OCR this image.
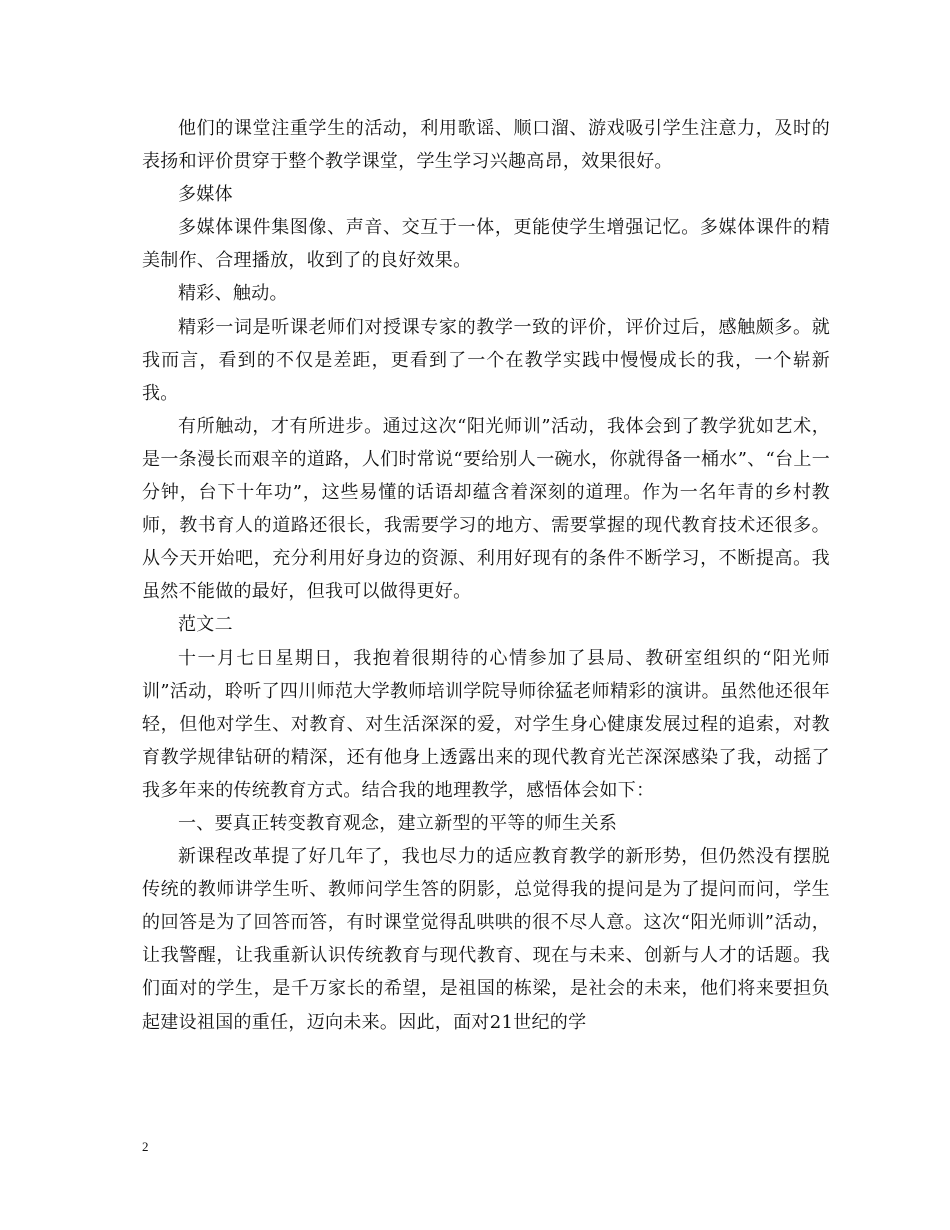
他们的课堂注重学生的活动，利用歌谣、顺口溜、游戏吸引学生注意力，及时的表扬和评价贯穿于整个教学课堂，学生学习兴趣高昂，效果很好。

多媒体

多媒体课件集图像、声音、交互于一体，更能使学生增强记忆。多媒体课件的精美制作、合理播放，收到了的良好效果。

精彩、触动。

精彩一词是听课老师们对授课专家的教学一致的评价，评价过后，感触颇多。就我而言，看到的不仅是差距，更看到了一个在教学实践中慢慢成长的我，一个崭新我。

有所触动，才有所进步。通过这次“阳光师训”活动，我体会到了教学犹如艺术，是一条漫长而艰辛的道路，人们时常说“要给别人一碗水，你就得备一桶水”、“台上一分钟，台下十年功”，这些易懂的话语却蕴含着深刻的道理。作为一名年青的乡村教师，教书育人的道路还很长，我需要学习的地方、需要掌握的现代教育技术还很多。从今天开始吧，充分利用好身边的资源、利用好现有的条件不断学习，不断提高。我虽然不能做的最好，但我可以做得更好。

范文二

十一月七日星期日，我抱着很期待的心情参加了县局、教研室组织的“阳光师训”活动，聆听了四川师范大学教师培训学院导师徐猛老师精彩的演讲。虽然他还很年轻，但他对学生、对教育、对生活深深的爱，对学生身心健康发展过程的追索，对教育教学规律钻研的精深，还有他身上透露出来的现代教育光芒深深感染了我，动摇了我多年来的传统教育方式。结合我的地理教学，感悟体会如下：

一、要真正转变教育观念，建立新型的平等的师生关系

新课程改革提了好几年了，我也尽力的适应教育教学的新形势，但仍然没有摆脱传统的教师讲学生听、教师问学生答的阴影，总觉得我的提问是为了提问而问，学生的回答是为了回答而答，有时课堂觉得乱哄哄的很不尽人意。这次“阳光师训”活动，让我警醒，让我重新认识传统教育与现代教育、现在与未来、创新与人才的话题。我们面对的学生，是千万家长的希望，是祖国的栋梁，是社会的未来，他们将来要担负起建设祖国的重任，迈向未来。因此，面对21世纪的学

2
